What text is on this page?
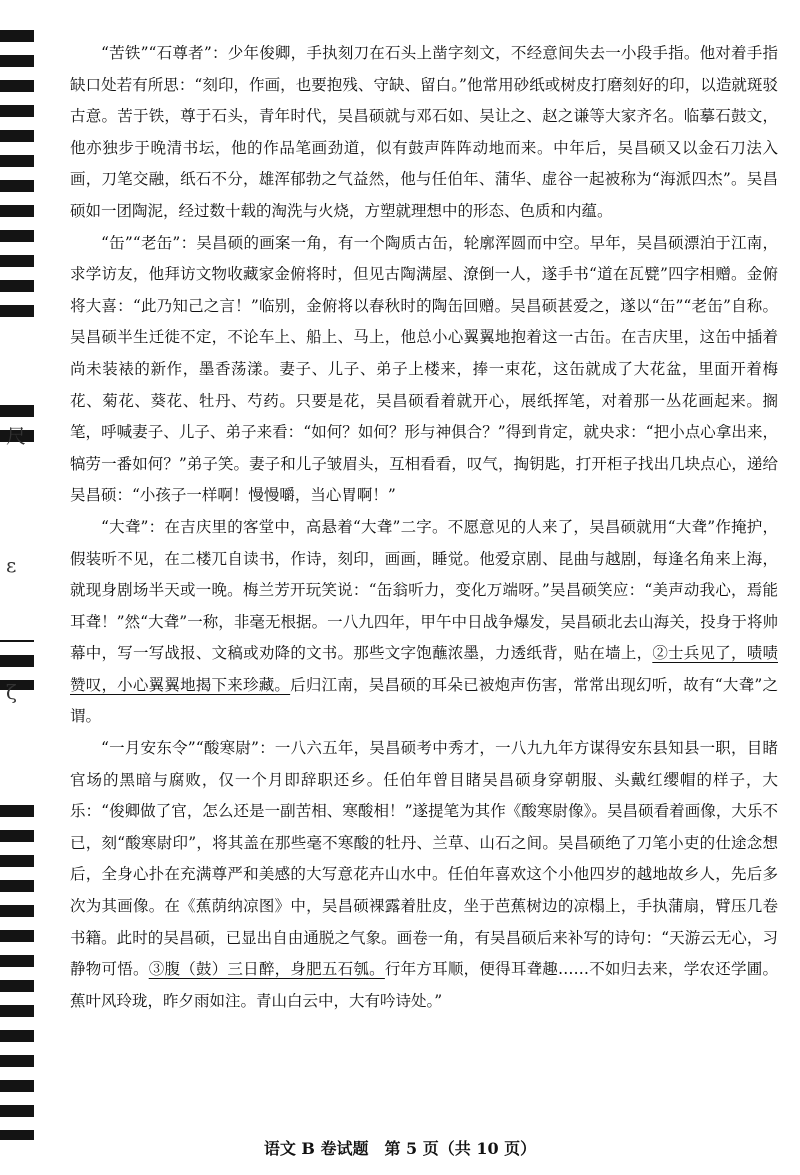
尺
ε
ζ

“苦铁”“石尊者”：少年俊卿，手执刻刀在石头上凿字刻文，不经意间失去一小段手指。他对着手指缺口处若有所思：“刻印，作画，也要抱残、守缺、留白。”他常用砂纸或树皮打磨刻好的印，以造就斑驳古意。苦于铁，尊于石头，青年时代，吴昌硕就与邓石如、吴让之、赵之谦等大家齐名。临摹石鼓文，他亦独步于晚清书坛，他的作品笔画劲道，似有鼓声阵阵动地而来。中年后，吴昌硕又以金石刀法入画，刀笔交融，纸石不分，雄浑郁勃之气益然，他与任伯年、蒲华、虚谷一起被称为“海派四杰”。吴昌硕如一团陶泥，经过数十载的淘洗与火烧，方塑就理想中的形态、色质和内蕴。

“缶”“老缶”：吴昌硕的画案一角，有一个陶质古缶，轮廓浑圆而中空。早年，吴昌硕漂泊于江南，求学访友，他拜访文物收藏家金俯将时，但见古陶满屋、潦倒一人，遂手书“道在瓦甓”四字相赠。金俯将大喜：“此乃知己之言！”临别，金俯将以春秋时的陶缶回赠。吴昌硕甚爱之，遂以“缶”“老缶”自称。吴昌硕半生迁徙不定，不论车上、船上、马上，他总小心翼翼地抱着这一古缶。在吉庆里，这缶中插着尚未装裱的新作，墨香荡漾。妻子、儿子、弟子上楼来，捧一束花，这缶就成了大花盆，里面开着梅花、菊花、葵花、牡丹、芍药。只要是花，吴昌硕看着就开心，展纸挥笔，对着那一丛花画起来。搁笔，呼喊妻子、儿子、弟子来看：“如何？如何？形与神俱合？”得到肯定，就央求：“把小点心拿出来，犒劳一番如何？”弟子笑。妻子和儿子皱眉头，互相看看，叹气，掏钥匙，打开柜子找出几块点心，递给吴昌硕：“小孩子一样啊！慢慢嚼，当心胃啊！”

“大聋”：在吉庆里的客堂中，高悬着“大聋”二字。不愿意见的人来了，吴昌硕就用“大聋”作掩护，假装听不见，在二楼兀自读书，作诗，刻印，画画，睡觉。他爱京剧、昆曲与越剧，每逢名角来上海，就现身剧场半天或一晚。梅兰芳开玩笑说：“缶翁听力，变化万端呀。”吴昌硕笑应：“美声动我心，焉能耳聋！”然“大聋”一称，非毫无根据。一八九四年，甲午中日战争爆发，吴昌硕北去山海关，投身于将帅幕中，写一写战报、文稿或劝降的文书。那些文字饱蘸浓墨，力透纸背，贴在墙上，②士兵见了，啧啧赞叹，小心翼翼地揭下来珍藏。后归江南，吴昌硕的耳朵已被炮声伤害，常常出现幻听，故有“大聋”之谓。

“一月安东令”“酸寒尉”：一八六五年，吴昌硕考中秀才，一八九九年方谋得安东县知县一职，目睹官场的黑暗与腐败，仅一个月即辞职还乡。任伯年曾目睹吴昌硕身穿朝服、头戴红缨帽的样子，大乐：“俊卿做了官，怎么还是一副苦相、寒酸相！”遂提笔为其作《酸寒尉像》。吴昌硕看着画像，大乐不已，刻“酸寒尉印”，将其盖在那些毫不寒酸的牡丹、兰草、山石之间。吴昌硕绝了刀笔小吏的仕途念想后，全身心扑在充满尊严和美感的大写意花卉山水中。任伯年喜欢这个小他四岁的越地故乡人，先后多次为其画像。在《蕉荫纳凉图》中，吴昌硕裸露着肚皮，坐于芭蕉树边的凉榻上，手执蒲扇，臂压几卷书籍。此时的吴昌硕，已显出自由通脱之气象。画卷一角，有吴昌硕后来补写的诗句：“天游云无心，习静物可悟。③腹（鼓）三日醉，身肥五石瓠。行年方耳顺，便得耳聋趣……不如归去来，学农还学圃。蕉叶风玲珑，昨夕雨如注。青山白云中，大有吟诗处。”

语文 B 卷试题　第 5 页（共 10 页）
